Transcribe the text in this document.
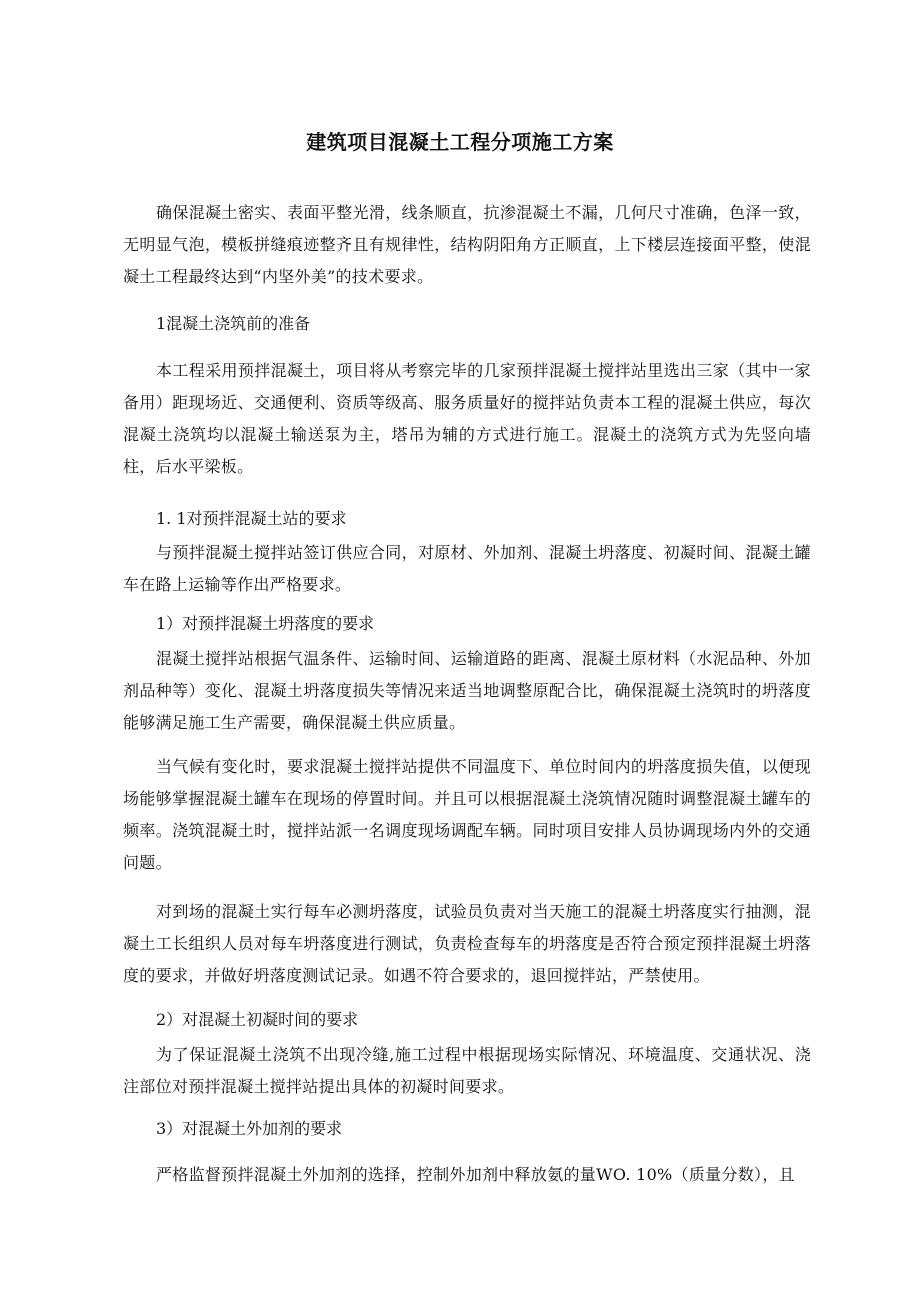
建筑项目混凝土工程分项施工方案

确保混凝土密实、表面平整光滑，线条顺直，抗渗混凝土不漏，几何尺寸准确，色泽一致，无明显气泡，模板拼缝痕迹整齐且有规律性，结构阴阳角方正顺直，上下楼层连接面平整，使混凝土工程最终达到“内坚外美”的技术要求。

1混凝土浇筑前的准备

本工程采用预拌混凝土，项目将从考察完毕的几家预拌混凝土搅拌站里选出三家（其中一家备用）距现场近、交通便利、资质等级高、服务质量好的搅拌站负责本工程的混凝土供应，每次混凝土浇筑均以混凝土输送泵为主，塔吊为辅的方式进行施工。混凝土的浇筑方式为先竖向墙柱，后水平梁板。

1. 1对预拌混凝土站的要求

与预拌混凝土搅拌站签订供应合同，对原材、外加剂、混凝土坍落度、初凝时间、混凝土罐车在路上运输等作出严格要求。

1）对预拌混凝土坍落度的要求

混凝土搅拌站根据气温条件、运输时间、运输道路的距离、混凝土原材料（水泥品种、外加剂品种等）变化、混凝土坍落度损失等情况来适当地调整原配合比，确保混凝土浇筑时的坍落度能够满足施工生产需要，确保混凝土供应质量。

当气候有变化时，要求混凝土搅拌站提供不同温度下、单位时间内的坍落度损失值，以便现场能够掌握混凝土罐车在现场的停置时间。并且可以根据混凝土浇筑情况随时调整混凝土罐车的频率。浇筑混凝土时，搅拌站派一名调度现场调配车辆。同时项目安排人员协调现场内外的交通问题。

对到场的混凝土实行每车必测坍落度，试验员负责对当天施工的混凝土坍落度实行抽测，混凝土工长组织人员对每车坍落度进行测试，负责检查每车的坍落度是否符合预定预拌混凝土坍落度的要求，并做好坍落度测试记录。如遇不符合要求的，退回搅拌站，严禁使用。

2）对混凝土初凝时间的要求

为了保证混凝土浇筑不出现冷缝,施工过程中根据现场实际情况、环境温度、交通状况、浇注部位对预拌混凝土搅拌站提出具体的初凝时间要求。

3）对混凝土外加剂的要求

严格监督预拌混凝土外加剂的选择，控制外加剂中释放氨的量WO. 10%（质量分数），且
